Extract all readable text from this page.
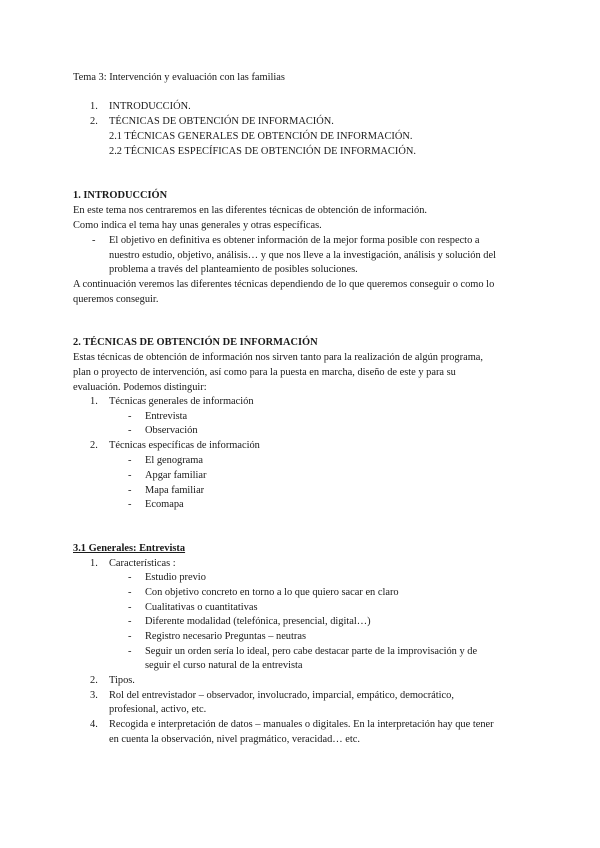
Tema 3: Intervención y evaluación con las familias
1. INTRODUCCIÓN.
2. TÉCNICAS DE OBTENCIÓN DE INFORMACIÓN.
2.1 TÉCNICAS GENERALES DE OBTENCIÓN DE INFORMACIÓN.
2.2 TÉCNICAS ESPECÍFICAS DE OBTENCIÓN DE INFORMACIÓN.
1. INTRODUCCIÓN
En este tema nos centraremos en las diferentes técnicas de obtención de información.
Como indica el tema hay unas generales y otras específicas.
- El objetivo en definitiva es obtener información de la mejor forma posible con respecto a
nuestro estudio, objetivo, análisis… y que nos lleve a la investigación, análisis y solución del
problema a través del planteamiento de posibles soluciones.
A continuación veremos las diferentes técnicas dependiendo de lo que queremos conseguir o como lo
queremos conseguir.
2. TÉCNICAS DE OBTENCIÓN DE INFORMACIÓN
Estas técnicas de obtención de información nos sirven tanto para la realización de algún programa,
plan o proyecto de intervención, así como para la puesta en marcha, diseño de este y para su
evaluación. Podemos distinguir:
1. Técnicas generales de información
- Entrevista
- Observación
2. Técnicas específicas de información
- El genograma
- Apgar familiar
- Mapa familiar
- Ecomapa
3.1 Generales: Entrevista
1. Características :
- Estudio previo
- Con objetivo concreto en torno a lo que quiero sacar en claro
- Cualitativas o cuantitativas
- Diferente modalidad (telefónica, presencial, digital…)
- Registro necesario Preguntas – neutras
- Seguir un orden sería lo ideal, pero cabe destacar parte de la improvisación y de
seguir el curso natural de la entrevista
2. Tipos.
3. Rol del entrevistador – observador, involucrado, imparcial, empático, democrático,
profesional, activo, etc.
4. Recogida e interpretación de datos – manuales o digitales. En la interpretación hay que tener
en cuenta la observación, nivel pragmático, veracidad… etc.
